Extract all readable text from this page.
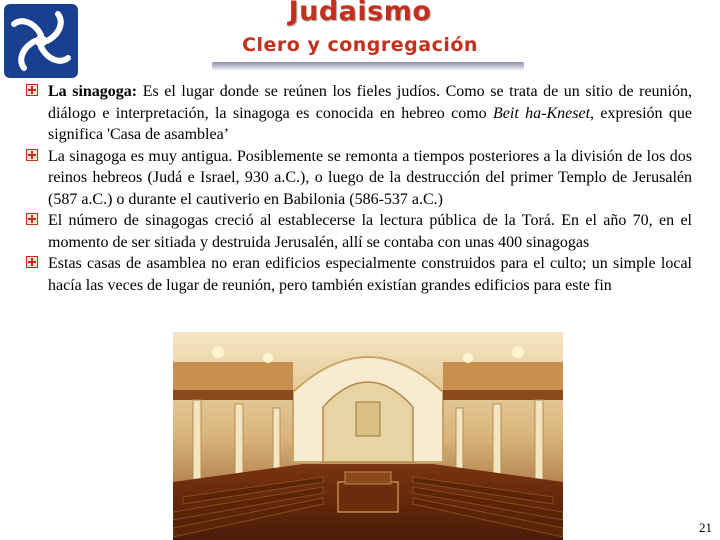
Judaismo
Clero y congregación
La sinagoga: Es el lugar donde se reúnen los fieles judíos. Como se trata de un sitio de reunión, diálogo e interpretación, la sinagoga es conocida en hebreo como Beit ha-Kneset, expresión que significa 'Casa de asamblea’
La sinagoga es muy antigua. Posiblemente se remonta a tiempos posteriores a la división de los dos reinos hebreos (Judá e Israel, 930 a.C.), o luego de la destrucción del primer Templo de Jerusalén (587 a.C.) o durante el cautiverio en Babilonia (586-537 a.C.)
El número de sinagogas creció al establecerse la lectura pública de la Torá. En el año 70, en el momento de ser sitiada y destruida Jerusalén, allí se contaba con unas 400 sinagogas
Estas casas de asamblea no eran edificios especialmente construidos para el culto; un simple local hacía las veces de lugar de reunión, pero también existían grandes edificios para este fin
21
